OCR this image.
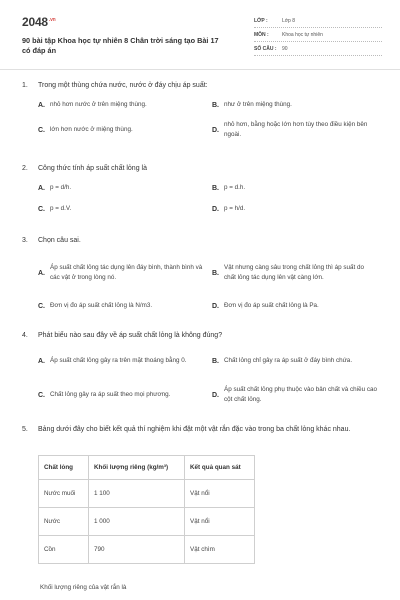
$2048^{.vn}$
90 bài tập Khoa học tự nhiên 8 Chân trời sáng tạo Bài 17 có đáp án
LỚP :	Lớp 8
MÔN :	Khoa học tự nhiên
SỐ CÂU :	90
1. Trong một thùng chứa nước, nước ở đáy chịu áp suất:
A. nhỏ hơn nước ở trên miệng thùng.	B. như ở trên miệng thùng.
C. lớn hơn nước ở miệng thùng.	D.
nhỏ hơn, bằng hoặc lớn hơn tùy theo điều kiện bên ngoài.
2. Công thức tính áp suất chất lỏng là
A. p = d/h.	B. p = d.h.
C. p = d.V.	D. p = h/d.
3. Chọn câu sai.
A.
Áp suất chất lỏng tác dụng lên đáy bình, thành bình và các vật ở trong lòng nó.
B.
Vật nhưng càng sâu trong chất lỏng thì áp suất do chất lỏng tác dụng lên vật càng lớn.
C. Đơn vị đo áp suất chất lỏng là N/m3.	D. Đơn vị đo áp suất chất lỏng là Pa.
4. Phát biểu nào sau đây về áp suất chất lỏng là không đúng?
A. Áp suất chất lỏng gây ra trên mặt thoáng bằng 0.	B. Chất lỏng chỉ gây ra áp suất ở đáy bình chứa.
C. Chất lỏng gây ra áp suất theo mọi phương.	D.
Áp suất chất lỏng phụ thuộc vào bản chất và chiều cao cột chất lỏng.
5. Bảng dưới đây cho biết kết quả thí nghiệm khi đặt một vật rắn đặc vào trong ba chất lỏng khác nhau.
Chất lỏng	Khối lượng riêng (kg/m³)	Kết quả quan sát
Nước muối	1 100	Vật nổi
Nước	1 000	Vật nổi
Cồn	790	Vật chìm
Khối lượng riêng của vật rắn là
